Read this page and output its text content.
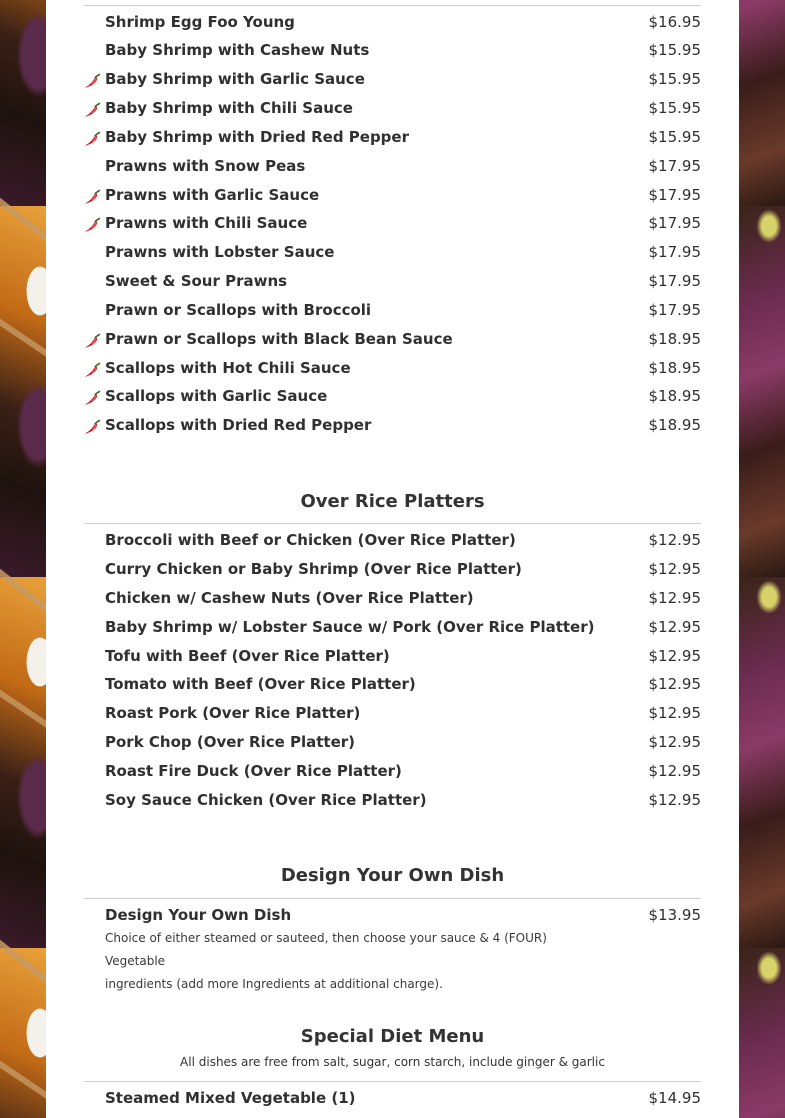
Shrimp Egg Foo Young	$16.95
Baby Shrimp with Cashew Nuts	$15.95
Baby Shrimp with Garlic Sauce	$15.95
Baby Shrimp with Chili Sauce	$15.95
Baby Shrimp with Dried Red Pepper	$15.95
Prawns with Snow Peas	$17.95
Prawns with Garlic Sauce	$17.95
Prawns with Chili Sauce	$17.95
Prawns with Lobster Sauce	$17.95
Sweet & Sour Prawns	$17.95
Prawn or Scallops with Broccoli	$17.95
Prawn or Scallops with Black Bean Sauce	$18.95
Scallops with Hot Chili Sauce	$18.95
Scallops with Garlic Sauce	$18.95
Scallops with Dried Red Pepper	$18.95
Over Rice Platters
Broccoli with Beef or Chicken (Over Rice Platter)	$12.95
Curry Chicken or Baby Shrimp (Over Rice Platter)	$12.95
Chicken w/ Cashew Nuts (Over Rice Platter)	$12.95
Baby Shrimp w/ Lobster Sauce w/ Pork (Over Rice Platter)	$12.95
Tofu with Beef (Over Rice Platter)	$12.95
Tomato with Beef (Over Rice Platter)	$12.95
Roast Pork (Over Rice Platter)	$12.95
Pork Chop (Over Rice Platter)	$12.95
Roast Fire Duck (Over Rice Platter)	$12.95
Soy Sauce Chicken (Over Rice Platter)	$12.95
Design Your Own Dish
Design Your Own Dish	$13.95
Choice of either steamed or sauteed, then choose your sauce & 4 (FOUR) Vegetable
ingredients (add more Ingredients at additional charge).
Special Diet Menu
All dishes are free from salt, sugar, corn starch, include ginger & garlic
Steamed Mixed Vegetable (1)	$14.95
